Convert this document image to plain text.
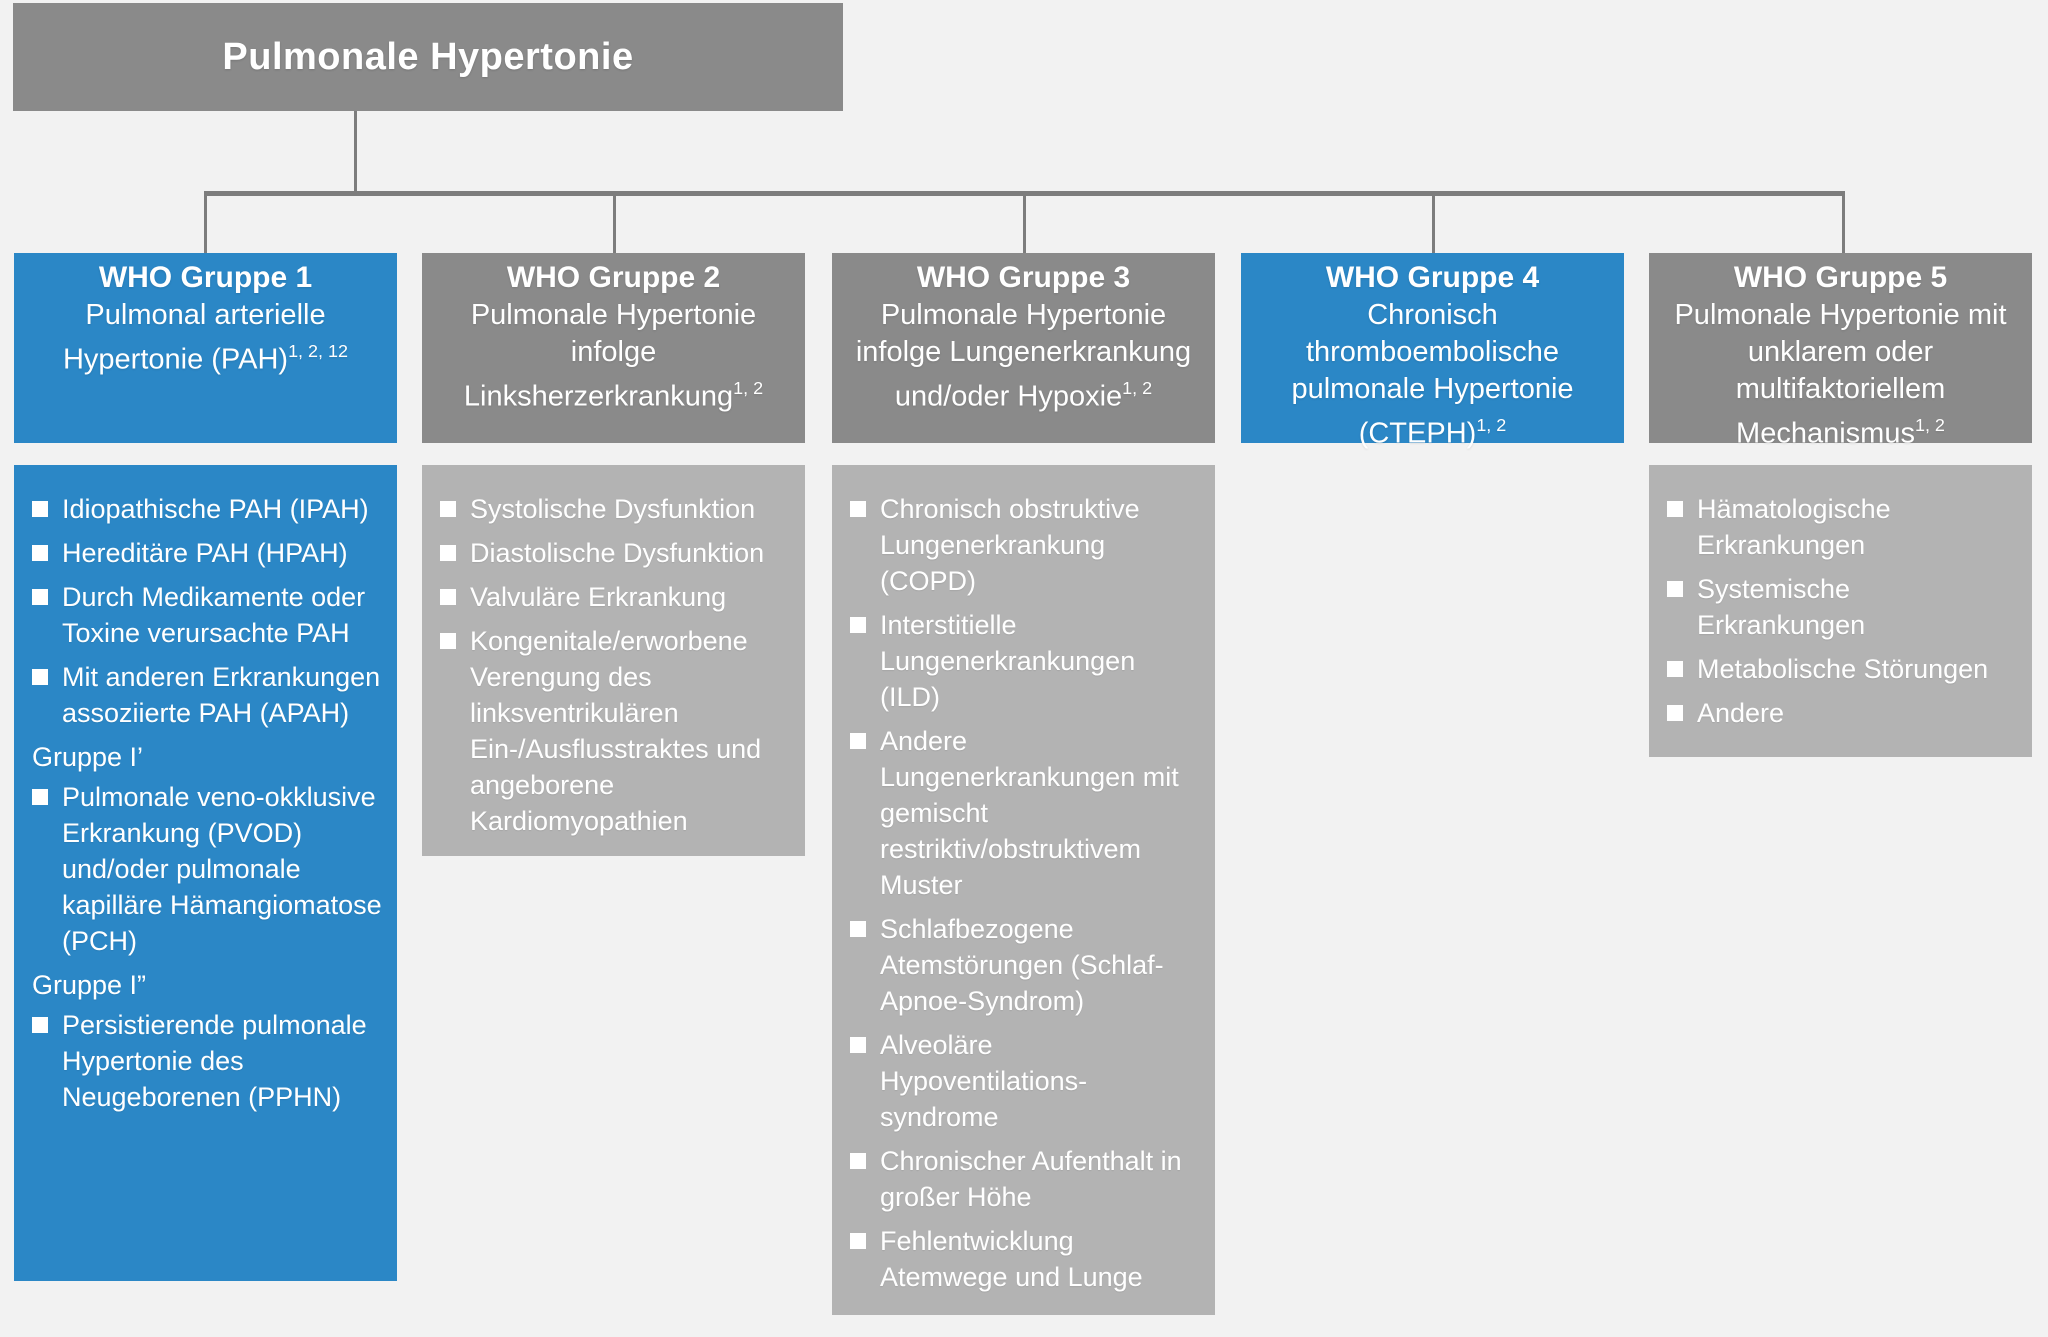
Pulmonale Hypertonie
WHO Gruppe 1
Pulmonal arterielle Hypertonie (PAH)$^{1, 2, 12}$
Idiopathische PAH (IPAH)
Hereditäre PAH (HPAH)
Durch Medikamente oder Toxine verursachte PAH
Mit anderen Erkrankungen assoziierte PAH (APAH)
Gruppe I’
Pulmonale veno-okklusive Erkrankung (PVOD) und/oder pulmonale kapilläre Hämangiomatose (PCH)
Gruppe I”
Persistierende pulmonale Hypertonie des Neugeborenen (PPHN)
WHO Gruppe 2
Pulmonale Hypertonie infolge Linksherzerkrankung$^{1, 2}$
Systolische Dysfunktion
Diastolische Dysfunktion
Valvuläre Erkrankung
Kongenitale/erworbene Verengung des linksventrikulären Ein-/Ausflusstraktes und angeborene Kardiomyopathien
WHO Gruppe 3
Pulmonale Hypertonie infolge Lungenerkrankung und/oder Hypoxie$^{1, 2}$
Chronisch obstruktive Lungenerkrankung (COPD)
Interstitielle Lungenerkrankungen (ILD)
Andere Lungenerkrankungen mit gemischt restriktiv/obstruktivem Muster
Schlafbezogene Atemstörungen (Schlaf-Apnoe-Syndrom)
Alveoläre Hypoventilations-syndrome
Chronischer Aufenthalt in großer Höhe
Fehlentwicklung Atemwege und Lunge
WHO Gruppe 4
Chronisch thromboembolische pulmonale Hypertonie (CTEPH)$^{1, 2}$
WHO Gruppe 5
Pulmonale Hypertonie mit unklarem oder multifaktoriellem Mechanismus$^{1, 2}$
Hämatologische Erkrankungen
Systemische Erkrankungen
Metabolische Störungen
Andere
